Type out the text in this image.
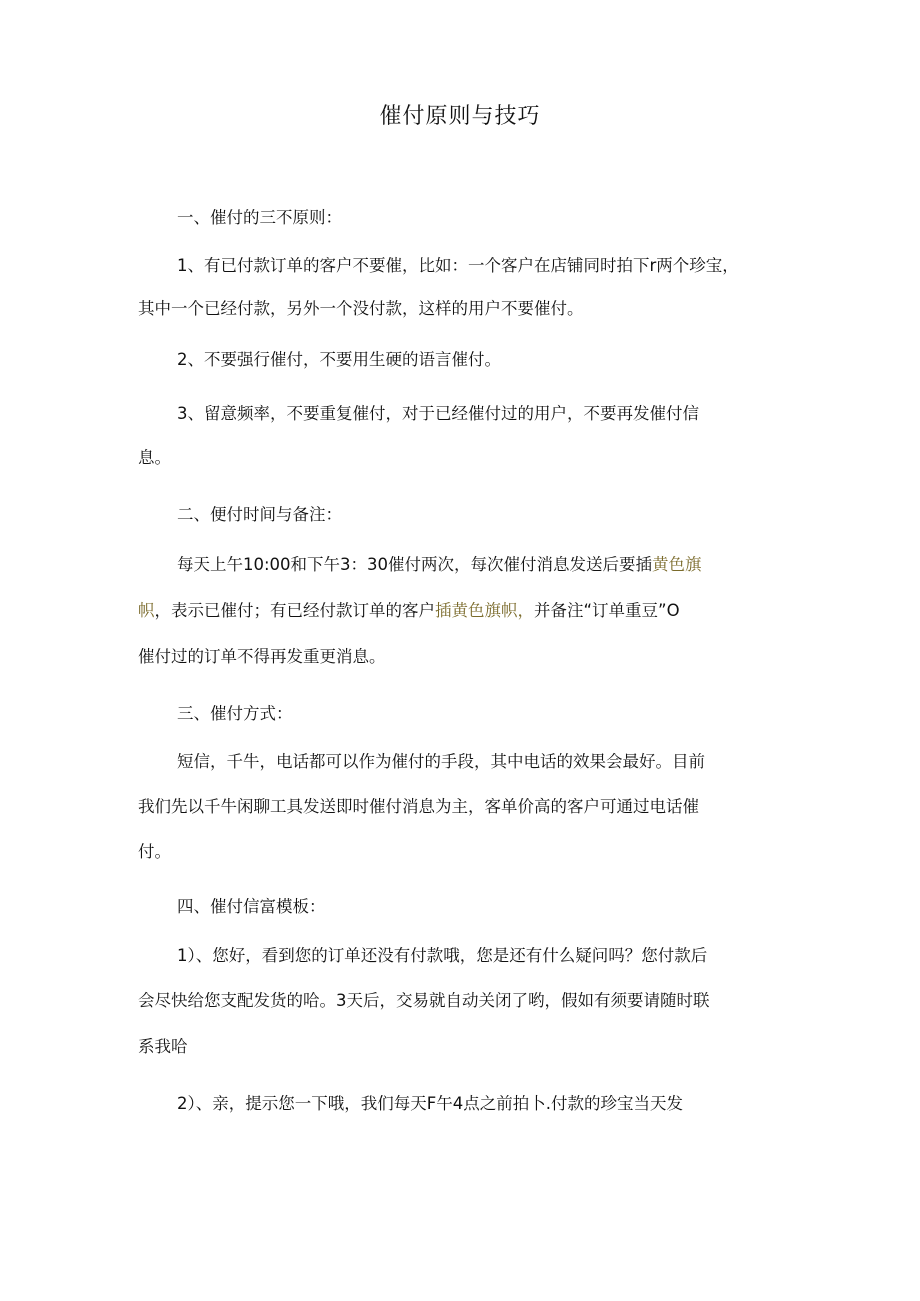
催付原则与技巧
一、催付的三不原则：
1、有已付款订单的客户不要催，比如：一个客户在店铺同时拍下r两个珍宝，
其中一个已经付款，另外一个没付款，这样的用户不要催付。
2、不要强行催付，不要用生硬的语言催付。
3、留意频率，不要重复催付，对于已经催付过的用户，不要再发催付信
息。
二、便付时间与备注：
每天上午10:00和下午3：30催付两次，每次催付消息发送后要插黄色旗
帜，表示已催付；有已经付款订单的客户插黄色旗帜，并备注“订单重豆”O
催付过的订单不得再发重更消息。
三、催付方式：
短信，千牛，电话都可以作为催付的手段，其中电话的效果会最好。目前
我们先以千牛闲聊工具发送即时催付消息为主，客单价高的客户可通过电话催
付。
四、催付信富模板：
1）、您好，看到您的订单还没有付款哦，您是还有什么疑问吗？您付款后
会尽快给您支配发货的哈。3天后，交易就自动关闭了哟，假如有须要请随时联
系我哈
2）、亲，提示您一下哦，我们每天F午4点之前拍卜.付款的珍宝当天发
